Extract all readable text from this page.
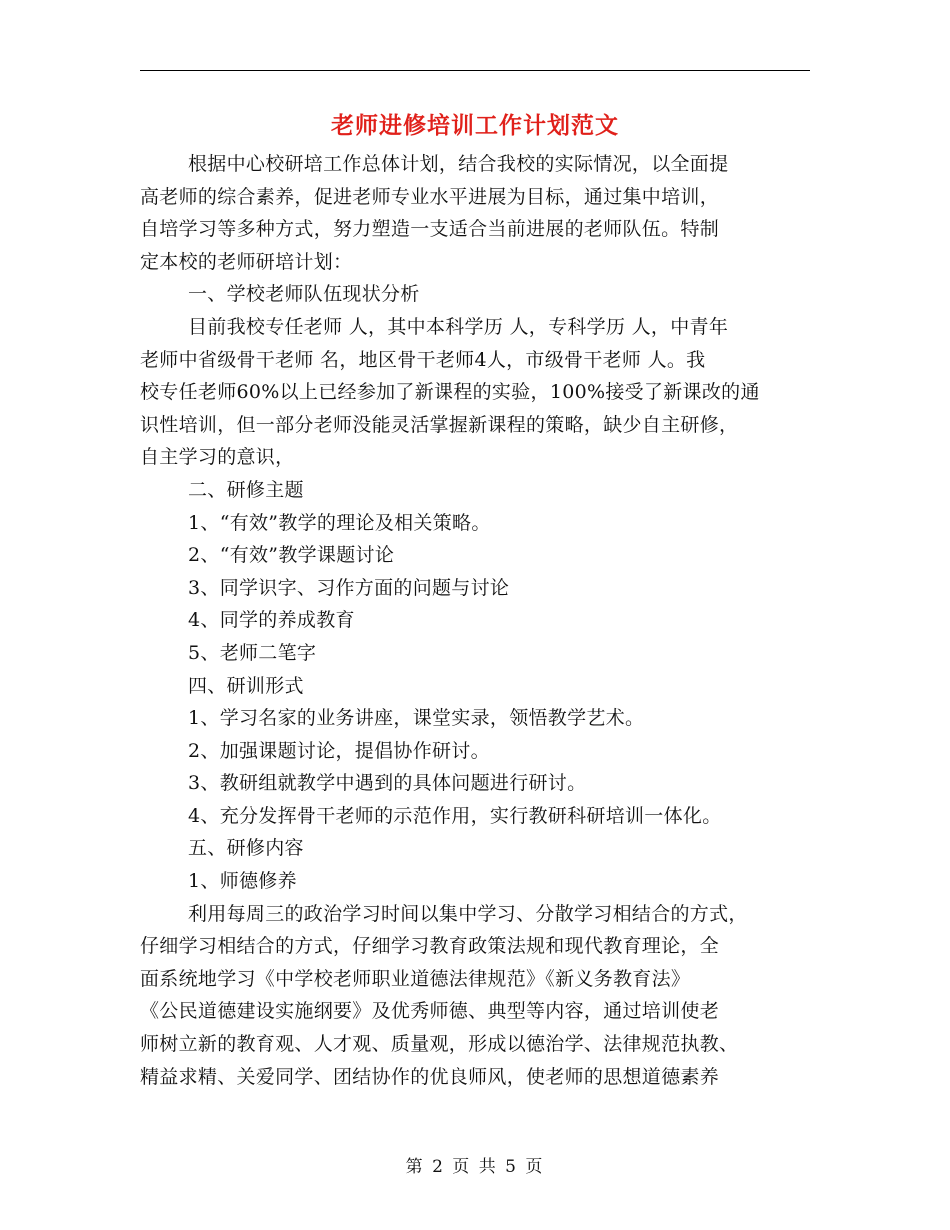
老师进修培训工作计划范文

根据中心校研培工作总体计划，结合我校的实际情况，以全面提

高老师的综合素养，促进老师专业水平进展为目标，通过集中培训，

自培学习等多种方式，努力塑造一支适合当前进展的老师队伍。特制

定本校的老师研培计划：

一、学校老师队伍现状分析

目前我校专任老师 人，其中本科学历 人，专科学历 人，中青年

老师中省级骨干老师 名，地区骨干老师4人，市级骨干老师 人。我

校专任老师60%以上已经参加了新课程的实验，100%接受了新课改的通

识性培训，但一部分老师没能灵活掌握新课程的策略，缺少自主研修，

自主学习的意识，

二、研修主题

1、“有效”教学的理论及相关策略。

2、“有效”教学课题讨论

3、同学识字、习作方面的问题与讨论

4、同学的养成教育

5、老师二笔字

四、研训形式

1、学习名家的业务讲座，课堂实录，领悟教学艺术。

2、加强课题讨论，提倡协作研讨。

3、教研组就教学中遇到的具体问题进行研讨。

4、充分发挥骨干老师的示范作用，实行教研科研培训一体化。

五、研修内容

1、师德修养

利用每周三的政治学习时间以集中学习、分散学习相结合的方式，

仔细学习相结合的方式，仔细学习教育政策法规和现代教育理论，全

面系统地学习《中学校老师职业道德法律规范》《新义务教育法》

《公民道德建设实施纲要》及优秀师德、典型等内容，通过培训使老

师树立新的教育观、人才观、质量观，形成以德治学、法律规范执教、

精益求精、关爱同学、团结协作的优良师风，使老师的思想道德素养

第 2 页 共 5 页
